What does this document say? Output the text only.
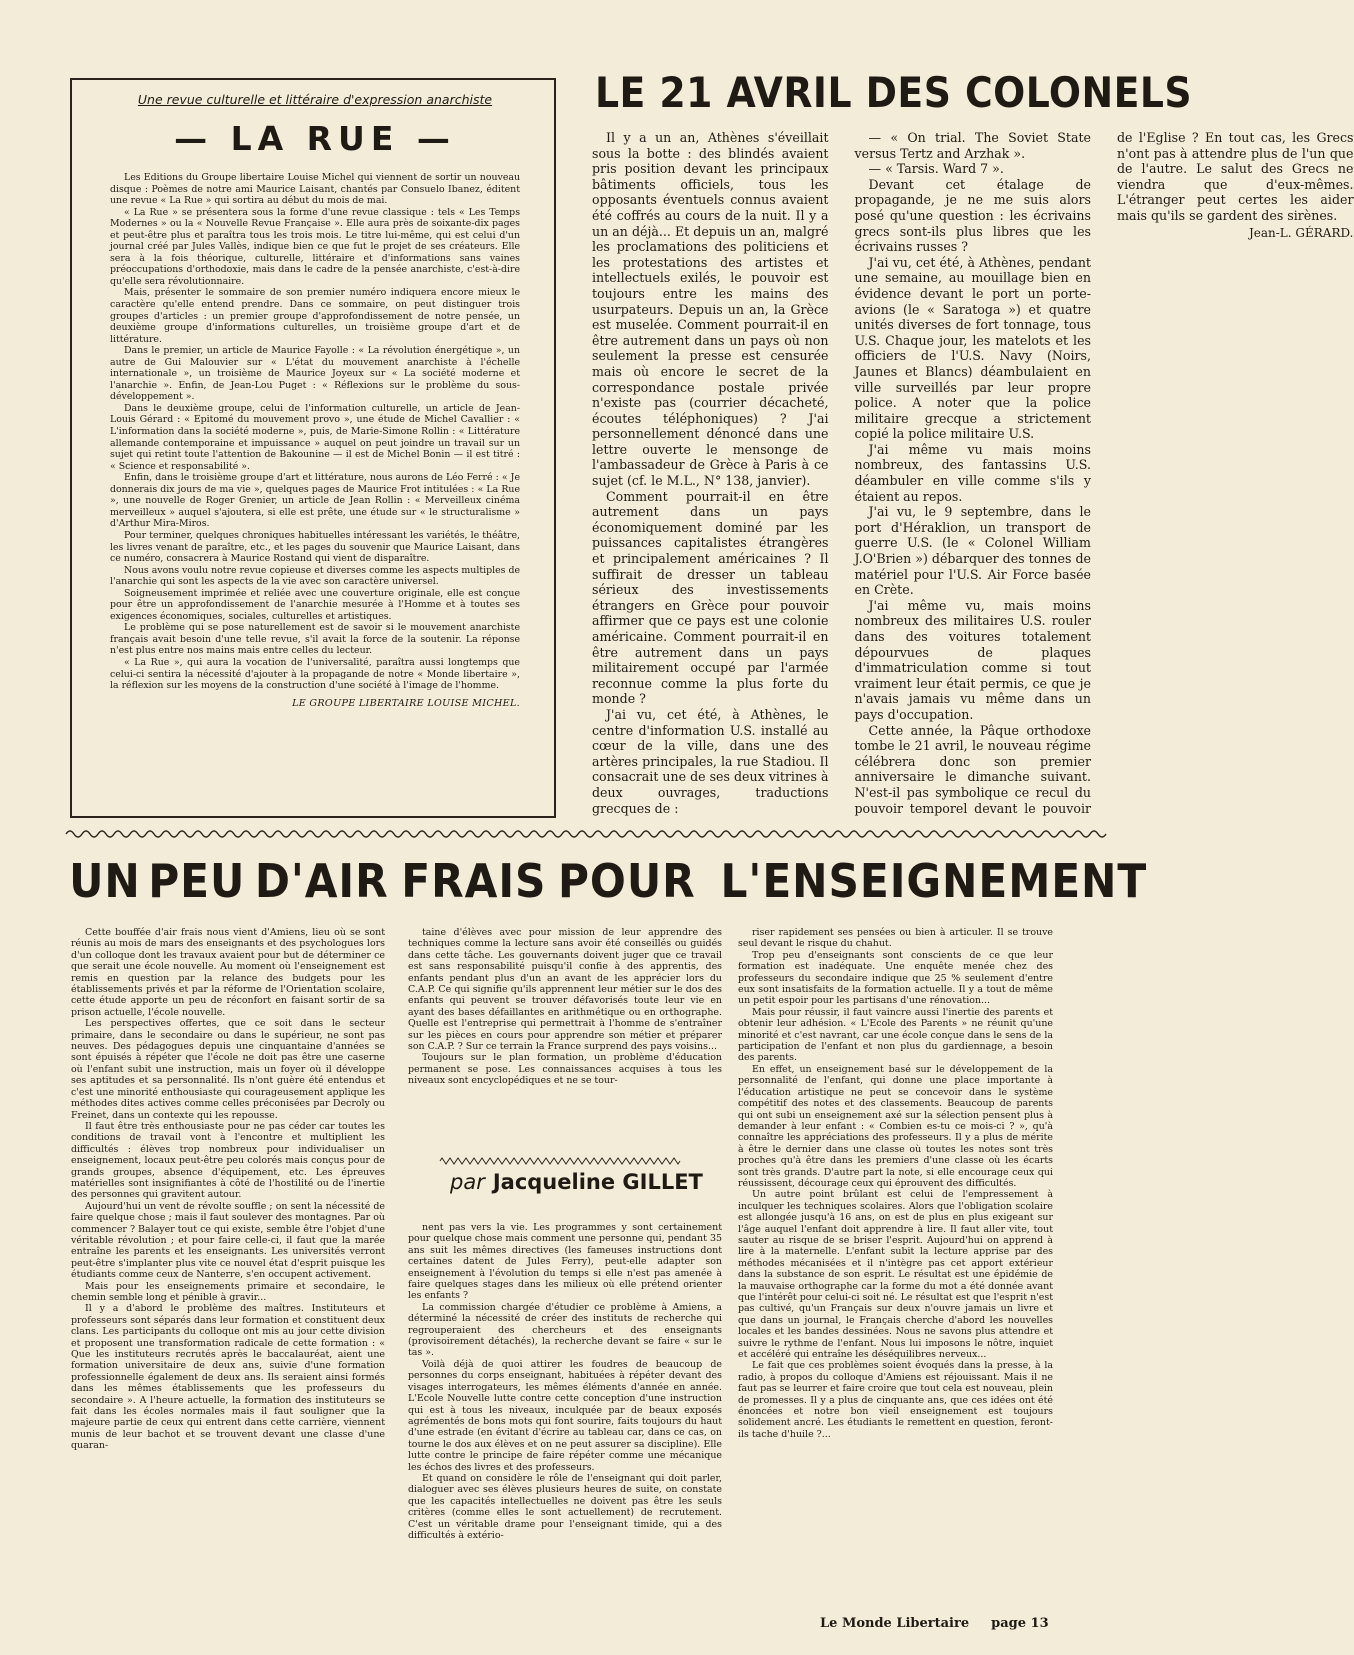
Une revue culturelle et littéraire d'expression anarchiste
— LA RUE —

Les Editions du Groupe libertaire Louise Michel qui viennent de sortir un nouveau disque : Poèmes de notre ami Maurice Laisant, chantés par Consuelo Ibanez, éditent une revue « La Rue » qui sortira au début du mois de mai.

« La Rue » se présentera sous la forme d'une revue classique : tels « Les Temps Modernes » ou la « Nouvelle Revue Française ». Elle aura près de soixante-dix pages et peut-être plus et paraîtra tous les trois mois. Le titre lui-même, qui est celui d'un journal créé par Jules Vallès, indique bien ce que fut le projet de ses créateurs. Elle sera à la fois théorique, culturelle, littéraire et d'informations sans vaines préoccupations d'orthodoxie, mais dans le cadre de la pensée anarchiste, c'est-à-dire qu'elle sera révolutionnaire.

Mais, présenter le sommaire de son premier numéro indiquera encore mieux le caractère qu'elle entend prendre. Dans ce sommaire, on peut distinguer trois groupes d'articles : un premier groupe d'approfondissement de notre pensée, un deuxième groupe d'informations culturelles, un troisième groupe d'art et de littérature.

Dans le premier, un article de Maurice Fayolle : « La révolution énergétique », un autre de Gui Malouvier sur « L'état du mouvement anarchiste à l'échelle internationale », un troisième de Maurice Joyeux sur « La société moderne et l'anarchie ». Enfin, de Jean-Lou Puget : « Réflexions sur le problème du sous-développement ».

Dans le deuxième groupe, celui de l'information culturelle, un article de Jean-Louis Gérard : « Epitomé du mouvement provo », une étude de Michel Cavallier : « L'information dans la société moderne », puis, de Marie-Simone Rollin : « Littérature allemande contemporaine et impuissance » auquel on peut joindre un travail sur un sujet qui retint toute l'attention de Bakounine — il est de Michel Bonin — il est titré : « Science et responsabilité ».

Enfin, dans le troisième groupe d'art et littérature, nous aurons de Léo Ferré : « Je donnerais dix jours de ma vie », quelques pages de Maurice Frot intitulées : « La Rue », une nouvelle de Roger Grenier, un article de Jean Rollin : « Merveilleux cinéma merveilleux » auquel s'ajoutera, si elle est prête, une étude sur « le structuralisme » d'Arthur Mira-Miros.

Pour terminer, quelques chroniques habituelles intéressant les variétés, le théâtre, les livres venant de paraître, etc., et les pages du souvenir que Maurice Laisant, dans ce numéro, consacrera à Maurice Rostand qui vient de disparaître.

Nous avons voulu notre revue copieuse et diverses comme les aspects multiples de l'anarchie qui sont les aspects de la vie avec son caractère universel.

Soigneusement imprimée et reliée avec une couverture originale, elle est conçue pour être un approfondissement de l'anarchie mesurée à l'Homme et à toutes ses exigences économiques, sociales, culturelles et artistiques.

Le problème qui se pose naturellement est de savoir si le mouvement anarchiste français avait besoin d'une telle revue, s'il avait la force de la soutenir. La réponse n'est plus entre nos mains mais entre celles du lecteur.

« La Rue », qui aura la vocation de l'universalité, paraîtra aussi longtemps que celui-ci sentira la nécessité d'ajouter à la propagande de notre « Monde libertaire », la réflexion sur les moyens de la construction d'une société à l'image de l'homme.

LE GROUPE LIBERTAIRE LOUISE MICHEL.
LE 21 AVRIL DES COLONELS

Il y a un an, Athènes s'éveillait sous la botte : des blindés avaient pris position devant les principaux bâtiments officiels, tous les opposants éventuels connus avaient été coffrés au cours de la nuit. Il y a un an déjà... Et depuis un an, malgré les proclamations des politiciens et les protestations des artistes et intellectuels exilés, le pouvoir est toujours entre les mains des usurpateurs. Depuis un an, la Grèce est muselée. Comment pourrait-il en être autrement dans un pays où non seulement la presse est censurée mais où encore le secret de la correspondance postale privée n'existe pas (courrier décacheté, écoutes téléphoniques) ? J'ai personnellement dénoncé dans une lettre ouverte le mensonge de l'ambassadeur de Grèce à Paris à ce sujet (cf. le M.L., N° 138, janvier).

Comment pourrait-il en être autrement dans un pays économiquement dominé par les puissances capitalistes étrangères et principalement américaines ? Il suffirait de dresser un tableau sérieux des investissements étrangers en Grèce pour pouvoir affirmer que ce pays est une colonie américaine. Comment pourrait-il en être autrement dans un pays militairement occupé par l'armée reconnue comme la plus forte du monde ?

J'ai vu, cet été, à Athènes, le centre d'information U.S. installé au cœur de la ville, dans une des artères principales, la rue Stadiou. Il consacrait une de ses deux vitrines à deux ouvrages, traductions grecques de :

— « On trial. The Soviet State versus Tertz and Arzhak ».

— « Tarsis. Ward 7 ».

Devant cet étalage de propagande, je ne me suis alors posé qu'une question : les écrivains grecs sont-ils plus libres que les écrivains russes ?

J'ai vu, cet été, à Athènes, pendant une semaine, au mouillage bien en évidence devant le port un porte-avions (le « Saratoga ») et quatre unités diverses de fort tonnage, tous U.S. Chaque jour, les matelots et les officiers de l'U.S. Navy (Noirs, Jaunes et Blancs) déambulaient en ville surveillés par leur propre police. A noter que la police militaire grecque a strictement copié la police militaire U.S.

J'ai même vu mais moins nombreux, des fantassins U.S. déambuler en ville comme s'ils y étaient au repos.

J'ai vu, le 9 septembre, dans le port d'Héraklion, un transport de guerre U.S. (le « Colonel William J.O'Brien ») débarquer des tonnes de matériel pour l'U.S. Air Force basée en Crète.

J'ai même vu, mais moins nombreux des militaires U.S. rouler dans des voitures totalement dépourvues de plaques d'immatriculation comme si tout vraiment leur était permis, ce que je n'avais jamais vu même dans un pays d'occupation.

Cette année, la Pâque orthodoxe tombe le 21 avril, le nouveau régime célébrera donc son premier anniversaire le dimanche suivant. N'est-il pas symbolique ce recul du pouvoir temporel devant le pouvoir de l'Eglise ? En tout cas, les Grecs n'ont pas à attendre plus de l'un que de l'autre. Le salut des Grecs ne viendra que d'eux-mêmes. L'étranger peut certes les aider mais qu'ils se gardent des sirènes.

Jean-L. GÉRARD.
UN PEU D'AIR FRAIS POUR L'ENSEIGNEMENT

Cette bouffée d'air frais nous vient d'Amiens, lieu où se sont réunis au mois de mars des enseignants et des psychologues lors d'un colloque dont les travaux avaient pour but de déterminer ce que serait une école nouvelle. Au moment où l'enseignement est remis en question par la relance des budgets pour les établissements privés et par la réforme de l'Orientation scolaire, cette étude apporte un peu de réconfort en faisant sortir de sa prison actuelle, l'école nouvelle.

Les perspectives offertes, que ce soit dans le secteur primaire, dans le secondaire ou dans le supérieur, ne sont pas neuves. Des pédagogues depuis une cinquantaine d'années se sont épuisés à répéter que l'école ne doit pas être une caserne où l'enfant subit une instruction, mais un foyer où il développe ses aptitudes et sa personnalité. Ils n'ont guère été entendus et c'est une minorité enthousiaste qui courageusement applique les méthodes dites actives comme celles préconisées par Decroly ou Freinet, dans un contexte qui les repousse.

Il faut être très enthousiaste pour ne pas céder car toutes les conditions de travail vont à l'encontre et multiplient les difficultés : élèves trop nombreux pour individualiser un enseignement, locaux peut-être peu colorés mais conçus pour de grands groupes, absence d'équipement, etc. Les épreuves matérielles sont insignifiantes à côté de l'hostilité ou de l'inertie des personnes qui gravitent autour.

Aujourd'hui un vent de révolte souffle ; on sent la nécessité de faire quelque chose ; mais il faut soulever des montagnes. Par où commencer ? Balayer tout ce qui existe, semble être l'objet d'une véritable révolution ; et pour faire celle-ci, il faut que la marée entraîne les parents et les enseignants. Les universités verront peut-être s'implanter plus vite ce nouvel état d'esprit puisque les étudiants comme ceux de Nanterre, s'en occupent activement.

Mais pour les enseignements primaire et secondaire, le chemin semble long et pénible à gravir...

Il y a d'abord le problème des maîtres. Instituteurs et professeurs sont séparés dans leur formation et constituent deux clans. Les participants du colloque ont mis au jour cette division et proposent une transformation radicale de cette formation : « Que les instituteurs recrutés après le baccalauréat, aient une formation universitaire de deux ans, suivie d'une formation professionnelle également de deux ans. Ils seraient ainsi formés dans les mêmes établissements que les professeurs du secondaire ». A l'heure actuelle, la formation des instituteurs se fait dans les écoles normales mais il faut souligner que la majeure partie de ceux qui entrent dans cette carrière, viennent munis de leur bachot et se trouvent devant une classe d'une quaran-

taine d'élèves avec pour mission de leur apprendre des techniques comme la lecture sans avoir été conseillés ou guidés dans cette tâche. Les gouvernants doivent juger que ce travail est sans responsabilité puisqu'il confie à des apprentis, des enfants pendant plus d'un an avant de les apprécier lors du C.A.P. Ce qui signifie qu'ils apprennent leur métier sur le dos des enfants qui peuvent se trouver défavorisés toute leur vie en ayant des bases défaillantes en arithmétique ou en orthographe. Quelle est l'entreprise qui permettrait à l'homme de s'entraîner sur les pièces en cours pour apprendre son métier et préparer son C.A.P. ? Sur ce terrain la France surprend des pays voisins...

Toujours sur le plan formation, un problème d'éducation permanent se pose. Les connaissances acquises à tous les niveaux sont encyclopédiques et ne se tour-

par Jacqueline GILLET

nent pas vers la vie. Les programmes y sont certainement pour quelque chose mais comment une personne qui, pendant 35 ans suit les mêmes directives (les fameuses instructions dont certaines datent de Jules Ferry), peut-elle adapter son enseignement à l'évolution du temps si elle n'est pas amenée à faire quelques stages dans les milieux où elle prétend orienter les enfants ?

La commission chargée d'étudier ce problème à Amiens, a déterminé la nécessité de créer des instituts de recherche qui regrouperaient des chercheurs et des enseignants (provisoirement détachés), la recherche devant se faire « sur le tas ».

Voilà déjà de quoi attirer les foudres de beaucoup de personnes du corps enseignant, habituées à répéter devant des visages interrogateurs, les mêmes éléments d'année en année. L'Ecole Nouvelle lutte contre cette conception d'une instruction qui est à tous les niveaux, inculquée par de beaux exposés agrémentés de bons mots qui font sourire, faits toujours du haut d'une estrade (en évitant d'écrire au tableau car, dans ce cas, on tourne le dos aux élèves et on ne peut assurer sa discipline). Elle lutte contre le principe de faire répéter comme une mécanique les échos des livres et des professeurs.

Et quand on considère le rôle de l'enseignant qui doit parler, dialoguer avec ses élèves plusieurs heures de suite, on constate que les capacités intellectuelles ne doivent pas être les seuls critères (comme elles le sont actuellement) de recrutement. C'est un véritable drame pour l'enseignant timide, qui a des difficultés à extério-

riser rapidement ses pensées ou bien à articuler. Il se trouve seul devant le risque du chahut.

Trop peu d'enseignants sont conscients de ce que leur formation est inadéquate. Une enquête menée chez des professeurs du secondaire indique que 25 % seulement d'entre eux sont insatisfaits de la formation actuelle. Il y a tout de même un petit espoir pour les partisans d'une rénovation...

Mais pour réussir, il faut vaincre aussi l'inertie des parents et obtenir leur adhésion. « L'Ecole des Parents » ne réunit qu'une minorité et c'est navrant, car une école conçue dans le sens de la participation de l'enfant et non plus du gardiennage, a besoin des parents.

En effet, un enseignement basé sur le développement de la personnalité de l'enfant, qui donne une place importante à l'éducation artistique ne peut se concevoir dans le système compétitif des notes et des classements. Beaucoup de parents qui ont subi un enseignement axé sur la sélection pensent plus à demander à leur enfant : « Combien es-tu ce mois-ci ? », qu'à connaître les appréciations des professeurs. Il y a plus de mérite à être le dernier dans une classe où toutes les notes sont très proches qu'à être dans les premiers d'une classe où les écarts sont très grands. D'autre part la note, si elle encourage ceux qui réussissent, décourage ceux qui éprouvent des difficultés.

Un autre point brûlant est celui de l'empressement à inculquer les techniques scolaires. Alors que l'obligation scolaire est allongée jusqu'à 16 ans, on est de plus en plus exigeant sur l'âge auquel l'enfant doit apprendre à lire. Il faut aller vite, tout sauter au risque de se briser l'esprit. Aujourd'hui on apprend à lire à la maternelle. L'enfant subit la lecture apprise par des méthodes mécanisées et il n'intègre pas cet apport extérieur dans la substance de son esprit. Le résultat est une épidémie de la mauvaise orthographe car la forme du mot a été donnée avant que l'intérêt pour celui-ci soit né. Le résultat est que l'esprit n'est pas cultivé, qu'un Français sur deux n'ouvre jamais un livre et que dans un journal, le Français cherche d'abord les nouvelles locales et les bandes dessinées. Nous ne savons plus attendre et suivre le rythme de l'enfant. Nous lui imposons le nôtre, inquiet et accéléré qui entraîne les déséquilibres nerveux...

Le fait que ces problèmes soient évoqués dans la presse, à la radio, à propos du colloque d'Amiens est réjouissant. Mais il ne faut pas se leurrer et faire croire que tout cela est nouveau, plein de promesses. Il y a plus de cinquante ans, que ces idées ont été énoncées et notre bon vieil enseignement est toujours solidement ancré. Les étudiants le remettent en question, feront-ils tache d'huile ?...

Le Monde Libertaire page 13
